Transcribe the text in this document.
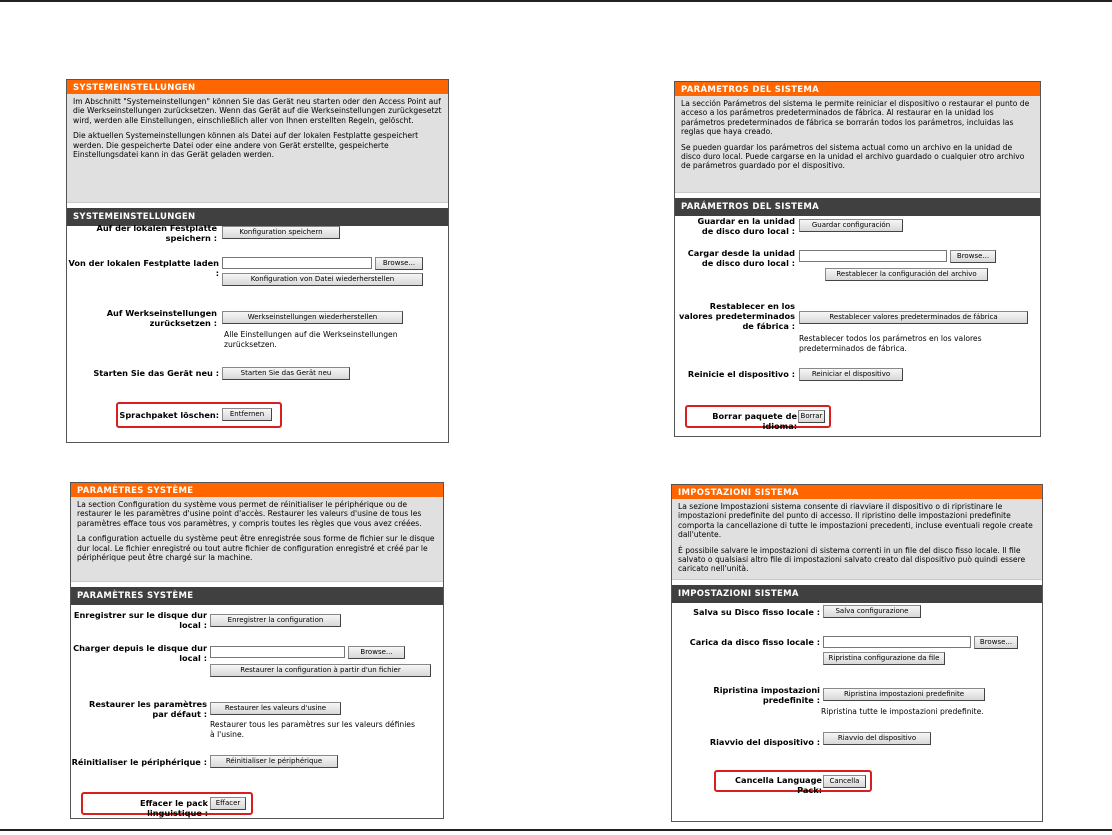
SYSTEMEINSTELLUNGEN

Im Abschnitt "Systemeinstellungen" können Sie das Gerät neu starten oder den Access Point auf die Werkseinstellungen zurücksetzen. Wenn das Gerät auf die Werkseinstellungen zurückgesetzt wird, werden alle Einstellungen, einschließlich aller von Ihnen erstellten Regeln, gelöscht.

Die aktuellen Systemeinstellungen können als Datei auf der lokalen Festplatte gespeichert werden. Die gespeicherte Datei oder eine andere von Gerät erstellte, gespeicherte Einstellungsdatei kann in das Gerät geladen werden.

SYSTEMEINSTELLUNGEN
Auf der lokalen Festplatte speichern :
Konfiguration speichern
Von der lokalen Festplatte laden :
Browse...
Konfiguration von Datei wiederherstellen
Auf Werkseinstellungen zurücksetzen :
Werkseinstellungen wiederherstellen
Alle Einstellungen auf die Werkseinstellungen zurücksetzen.
Starten Sie das Gerät neu :	Starten Sie das Gerät neu
Sprachpaket löschen:	Entfernen
PARÁMETROS DEL SISTEMA

La sección Parámetros del sistema le permite reiniciar el dispositivo o restaurar el punto de acceso a los parámetros predeterminados de fábrica. Al restaurar en la unidad los parámetros predeterminados de fábrica se borrarán todos los parámetros, incluidas las reglas que haya creado.

Se pueden guardar los parámetros del sistema actual como un archivo en la unidad de disco duro local. Puede cargarse en la unidad el archivo guardado o cualquier otro archivo de parámetros guardado por el dispositivo.

PARÁMETROS DEL SISTEMA
Guardar en la unidad de disco duro local :
Guardar configuración
Cargar desde la unidad de disco duro local :
Browse...
Restablecer la configuración del archivo
Restablecer en los valores predeterminados de fábrica :
Restablecer valores predeterminados de fábrica
Restablecer todos los parámetros en los valores predeterminados de fábrica.
Reinicie el dispositivo :	Reiniciar el dispositivo
Borrar paquete de idioma:
Borrar
PARAMÈTRES SYSTÈME

La section Configuration du système vous permet de réinitialiser le périphérique ou de restaurer le les paramètres d'usine point d'accès. Restaurer les valeurs d'usine de tous les paramètres efface tous vos paramètres, y compris toutes les règles que vous avez créées.

La configuration actuelle du système peut être enregistrée sous forme de fichier sur le disque dur local. Le fichier enregistré ou tout autre fichier de configuration enregistré et créé par le périphérique peut être chargé sur la machine.

PARAMÈTRES SYSTÈME
Enregistrer sur le disque dur local :	Enregistrer la configuration
Charger depuis le disque dur local :
Browse...
Restaurer la configuration à partir d'un fichier
Restaurer les paramètres par défaut :
Restaurer les valeurs d'usine
Restaurer tous les paramètres sur les valeurs définies à l'usine.
Réinitialiser le périphérique :	Réinitialiser le périphérique
Effacer le pack linguistique :
Effacer
IMPOSTAZIONI SISTEMA

La sezione Impostazioni sistema consente di riavviare il dispositivo o di ripristinare le impostazioni predefinite del punto di accesso. Il ripristino delle impostazioni predefinite comporta la cancellazione di tutte le impostazioni precedenti, incluse eventuali regole create dall'utente.

È possibile salvare le impostazioni di sistema correnti in un file del disco fisso locale. Il file salvato o qualsiasi altro file di impostazioni salvato creato dal dispositivo può quindi essere caricato nell'unità.

IMPOSTAZIONI SISTEMA
Salva su Disco fisso locale :	Salva configurazione
Carica da disco fisso locale :	Browse...
Ripristina configurazione da file
Ripristina impostazioni predefinite :
Ripristina impostazioni predefinite
Ripristina tutte le impostazioni predefinite.
Riavvio del dispositivo :	Riavvio del dispositivo
Cancella Language Pack:
Cancella
